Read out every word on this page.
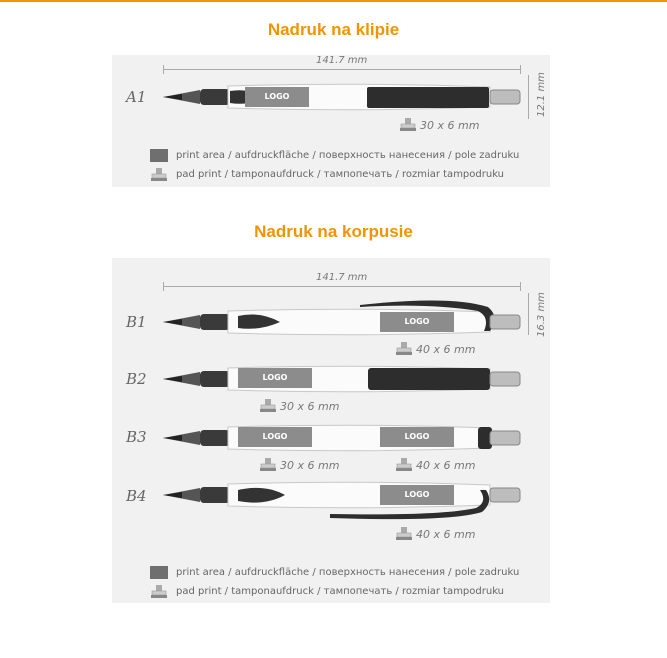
Nadruk na klipie
141.7 mm
12.1 mm
A1	LOGO
30 x 6 mm
print area / aufdruckfläche / поверхность нанесения / pole zadruku
pad print / tamponaufdruck / тампопечать / rozmiar tampodruku
Nadruk na korpusie
141.7 mm
16.3 mm
B1	LOGO
40 x 6 mm
B2	LOGO
30 x 6 mm
B3	LOGO	LOGO
30 x 6 mm	40 x 6 mm
B4	LOGO
40 x 6 mm
print area / aufdruckfläche / поверхность нанесения / pole zadruku
pad print / tamponaufdruck / тампопечать / rozmiar tampodruku
